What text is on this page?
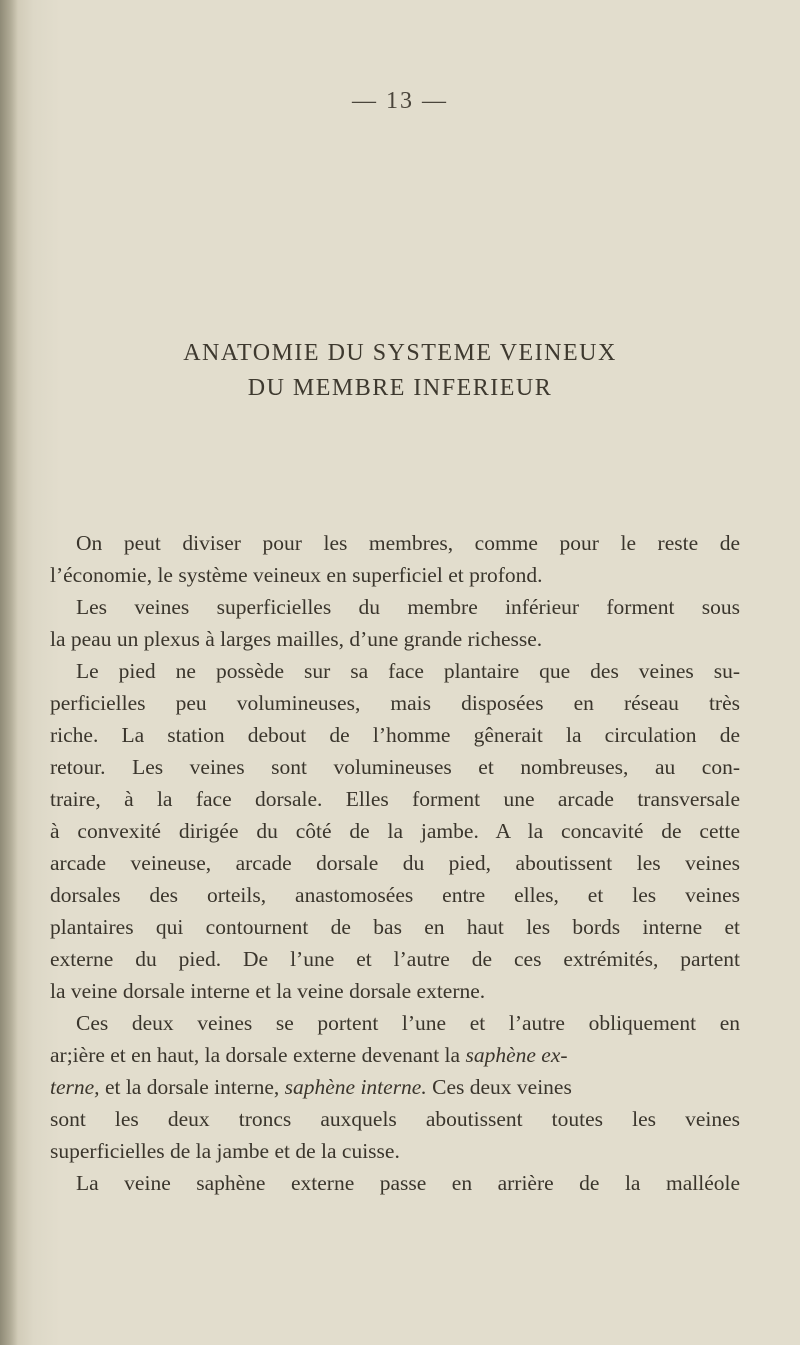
— 13 —
ANATOMIE DU SYSTEME VEINEUX
DU MEMBRE INFERIEUR
On peut diviser pour les membres, comme pour le reste de
l’économie, le système veineux en superficiel et profond.
Les veines superficielles du membre inférieur forment sous
la peau un plexus à larges mailles, d’une grande richesse.
Le pied ne possède sur sa face plantaire que des veines su-
perficielles peu volumineuses, mais disposées en réseau très
riche. La station debout de l’homme gênerait la circulation de
retour. Les veines sont volumineuses et nombreuses, au con-
traire, à la face dorsale. Elles forment une arcade transversale
à convexité dirigée du côté de la jambe. A la concavité de cette
arcade veineuse, arcade dorsale du pied, aboutissent les veines
dorsales des orteils, anastomosées entre elles, et les veines
plantaires qui contournent de bas en haut les bords interne et
externe du pied. De l’une et l’autre de ces extrémités, partent
la veine dorsale interne et la veine dorsale externe.
Ces deux veines se portent l’une et l’autre obliquement en
ar;ière et en haut, la dorsale externe devenant la saphène ex-
terne, et la dorsale interne, saphène interne. Ces deux veines
sont les deux troncs auxquels aboutissent toutes les veines
superficielles de la jambe et de la cuisse.
La veine saphène externe passe en arrière de la malléole
